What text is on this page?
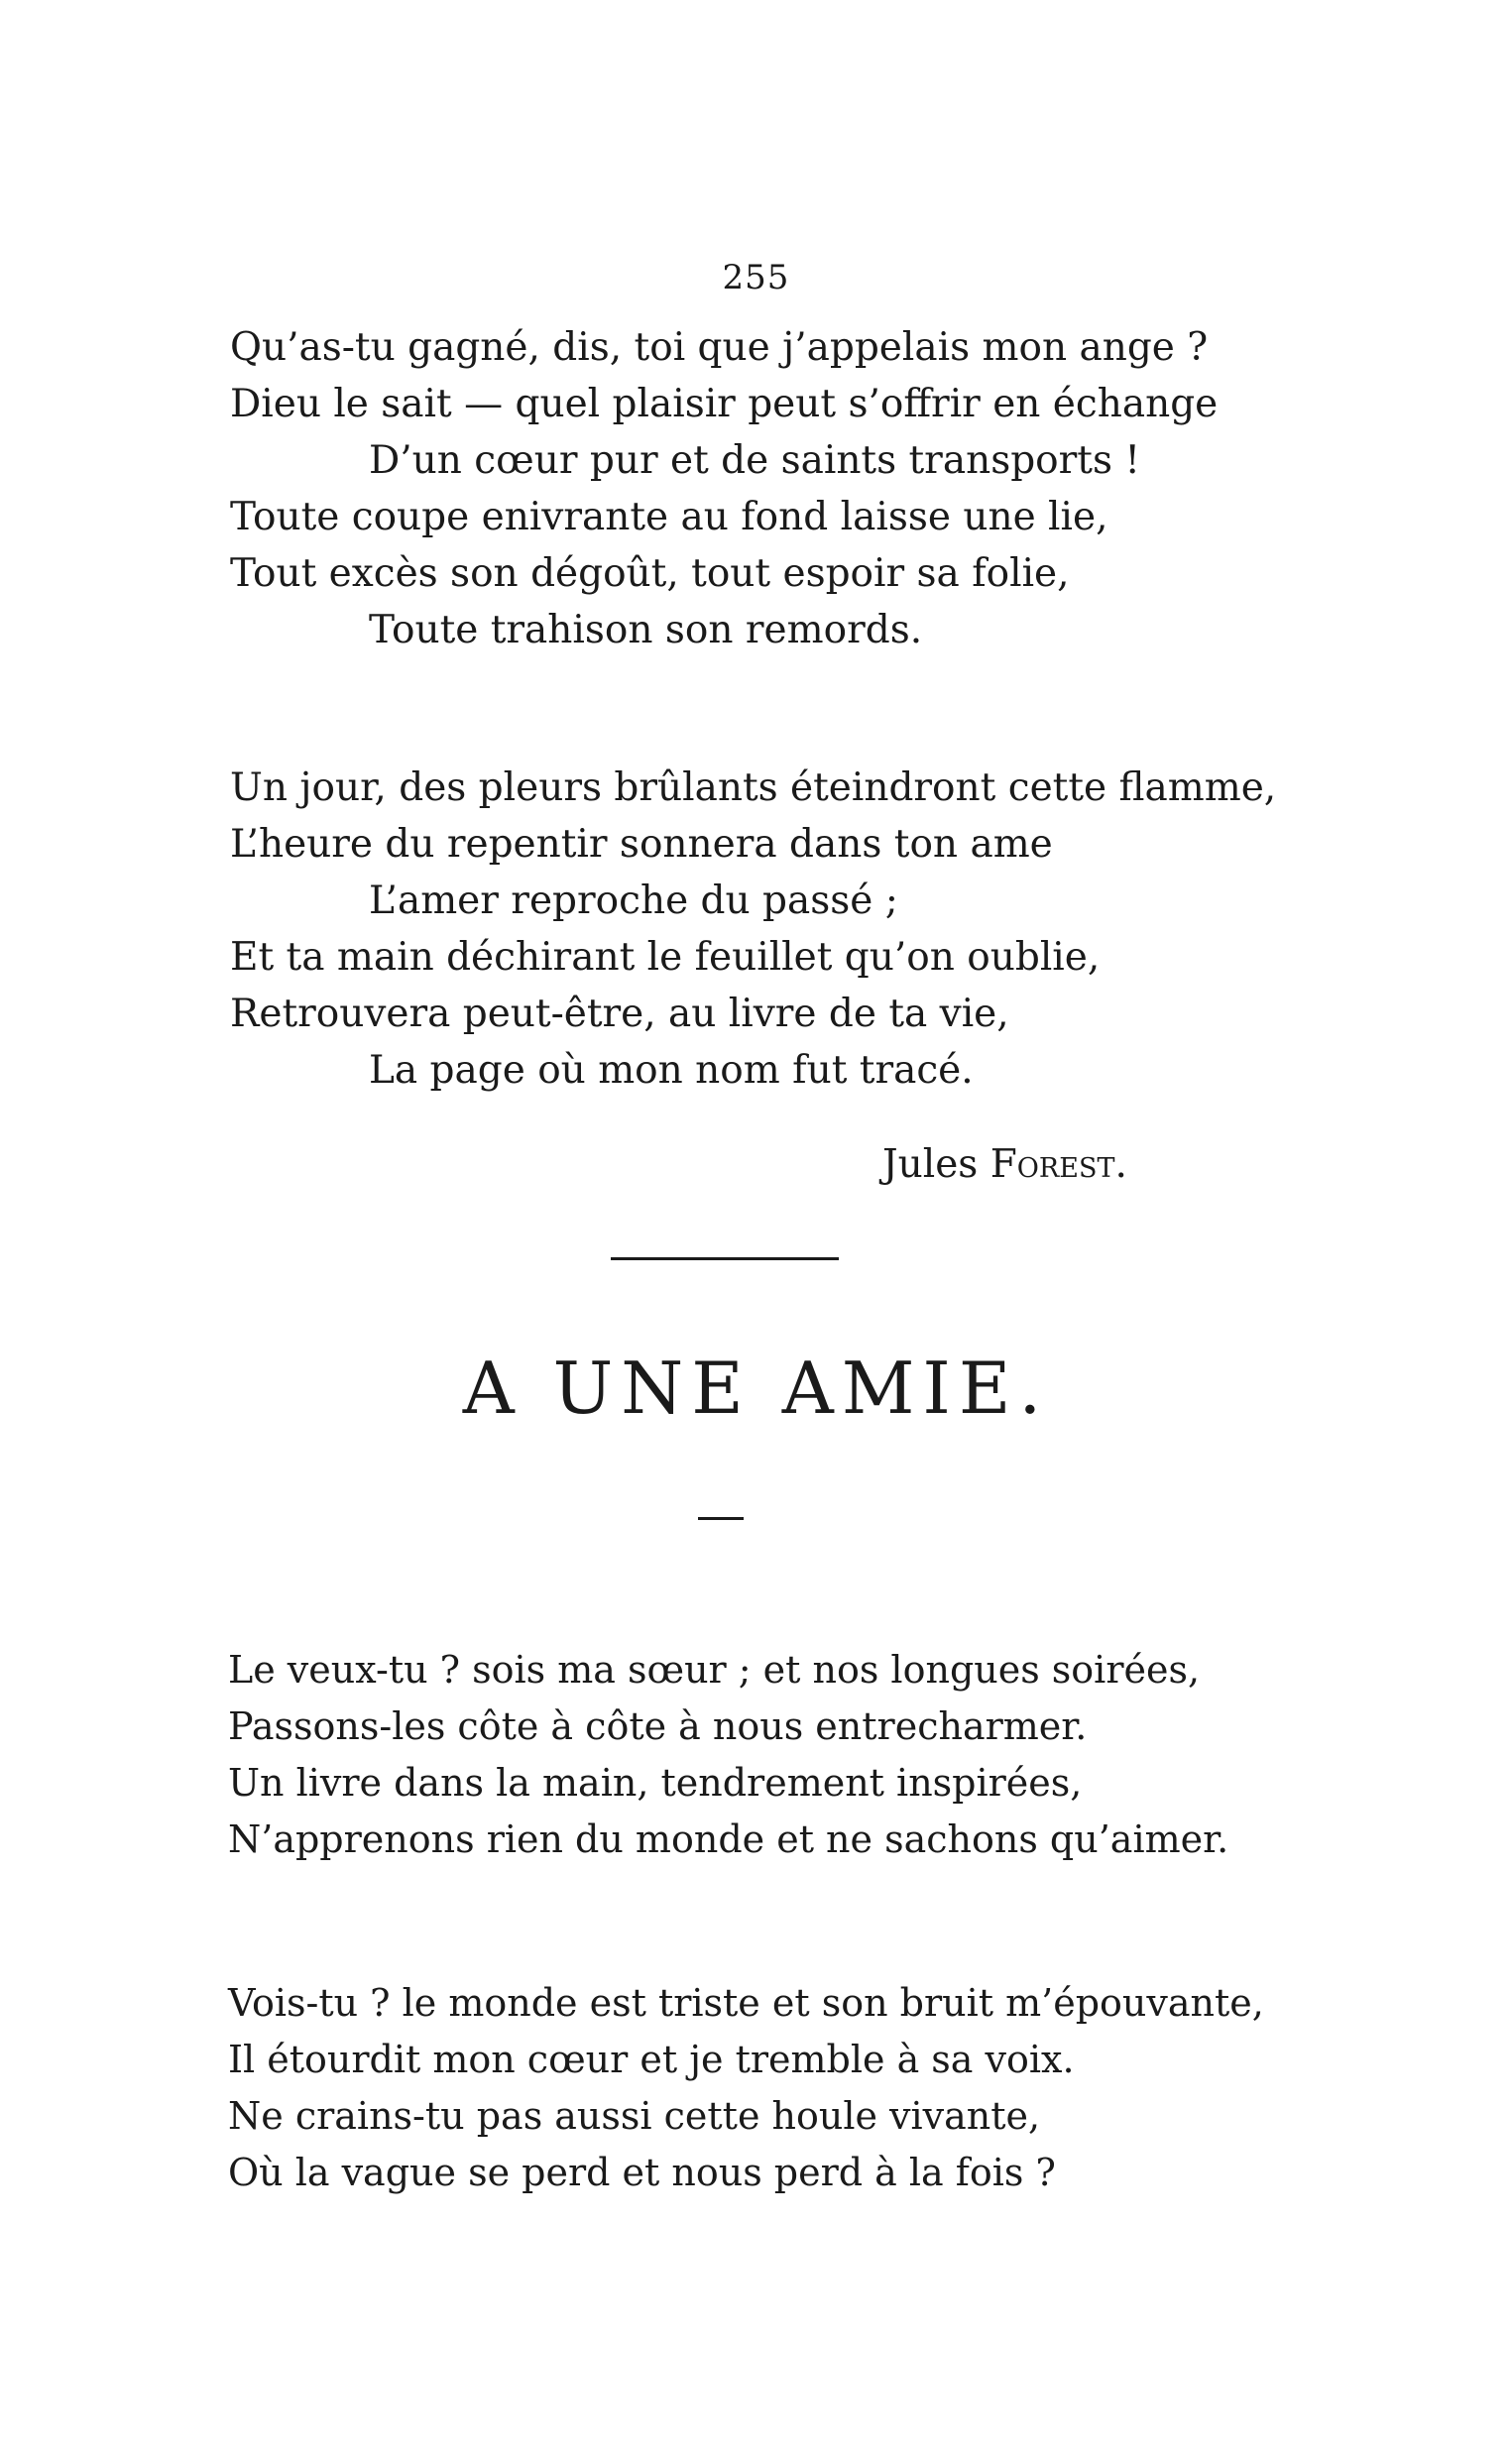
255
Qu’as-tu gagné, dis, toi que j’appelais mon ange ?
Dieu le sait — quel plaisir peut s’offrir en échange
D’un cœur pur et de saints transports !
Toute coupe enivrante au fond laisse une lie,
Tout excès son dégoût, tout espoir sa folie,
Toute trahison son remords.
Un jour, des pleurs brûlants éteindront cette flamme,
L’heure du repentir sonnera dans ton ame
L’amer reproche du passé ;
Et ta main déchirant le feuillet qu’on oublie,
Retrouvera peut-être, au livre de ta vie,
La page où mon nom fut tracé.
Jules Forest.
A UNE AMIE.
Le veux-tu ? sois ma sœur ; et nos longues soirées,
Passons-les côte à côte à nous entrecharmer.
Un livre dans la main, tendrement inspirées,
N’apprenons rien du monde et ne sachons qu’aimer.
Vois-tu ? le monde est triste et son bruit m’épouvante,
Il étourdit mon cœur et je tremble à sa voix.
Ne crains-tu pas aussi cette houle vivante,
Où la vague se perd et nous perd à la fois ?
